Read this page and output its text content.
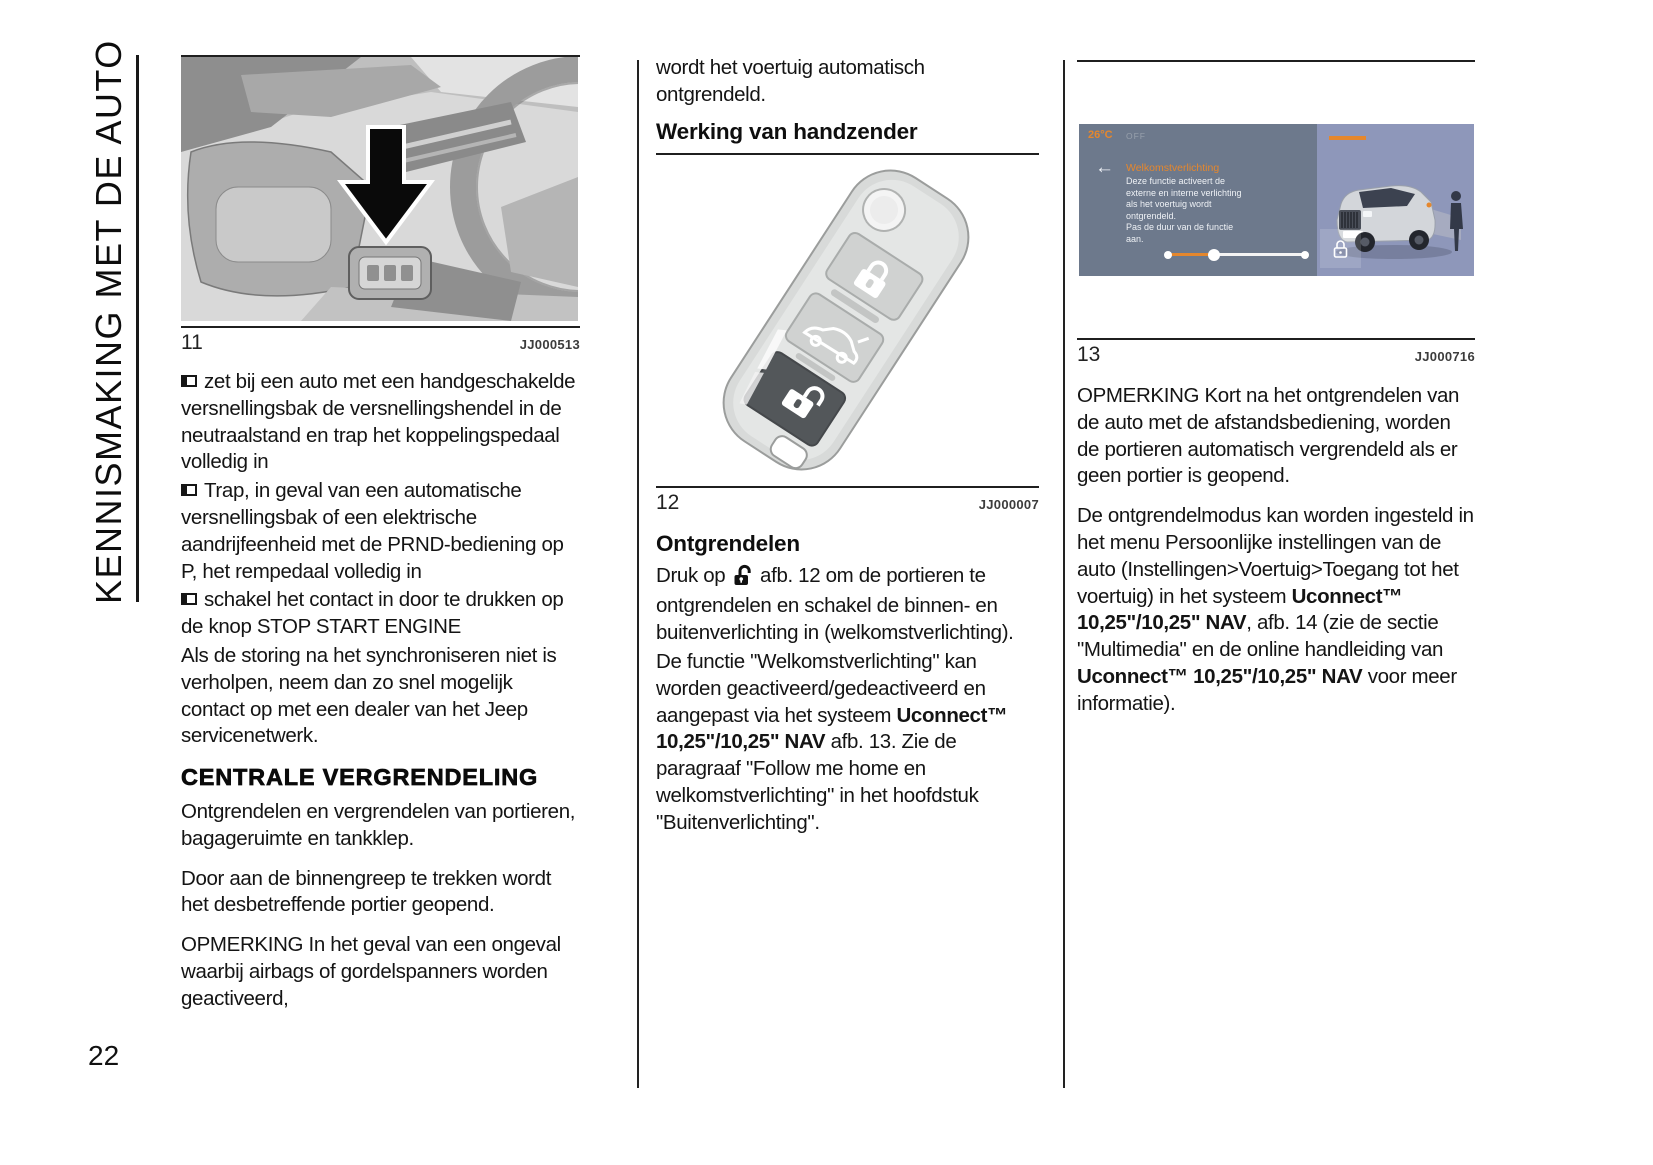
KENNISMAKING MET DE AUTO 11	JJ000513

zet bij een auto met een handgeschakelde versnellingsbak de versnellingshendel in de neutraalstand en trap het koppelingspedaal volledig in

Trap, in geval van een automatische versnellingsbak of een elektrische aandrijfeenheid met de PRND-bediening op P, het rempedaal volledig in

schakel het contact in door te drukken op de knop STOP START ENGINE

Als de storing na het synchroniseren niet is verholpen, neem dan zo snel mogelijk contact op met een dealer van het Jeep servicenetwerk.

CENTRALE VERGRENDELING

Ontgrendelen en vergrendelen van portieren, bagageruimte en tankklep.

Door aan de binnengreep te trekken wordt het desbetreffende portier geopend.

OPMERKING In het geval van een ongeval waarbij airbags of gordelspanners worden geactiveerd,

wordt het voertuig automatisch ontgrendeld.

Werking van handzender
12	JJ000007
Ontgrendelen

Druk op  afb. 12 om de portieren te ontgrendelen en schakel de binnen- en buitenverlichting in (welkomstverlichting).

De functie "Welkomstverlichting" kan worden geactiveerd/gedeactiveerd en aangepast via het systeem Uconnect™ 10,25"/10,25" NAV afb. 13. Zie de paragraaf "Follow me home en welkomstverlichting" in het hoofdstuk "Buitenverlichting".

26°C OFF
← Welkomstverlichting
Deze functie activeert de externe en interne verlichting als het voertuig wordt ontgrendeld.
Pas de duur van de functie aan.
13	JJ000716

OPMERKING Kort na het ontgrendelen van de auto met de afstandsbediening, worden de portieren automatisch vergrendeld als er geen portier is geopend.

De ontgrendelmodus kan worden ingesteld in het menu Persoonlijke instellingen van de auto (Instellingen>Voertuig>Toegang tot het voertuig) in het systeem Uconnect™ 10,25"/10,25" NAV, afb. 14 (zie de sectie "Multimedia" en de online handleiding van Uconnect™ 10,25"/10,25" NAV voor meer informatie).

22
